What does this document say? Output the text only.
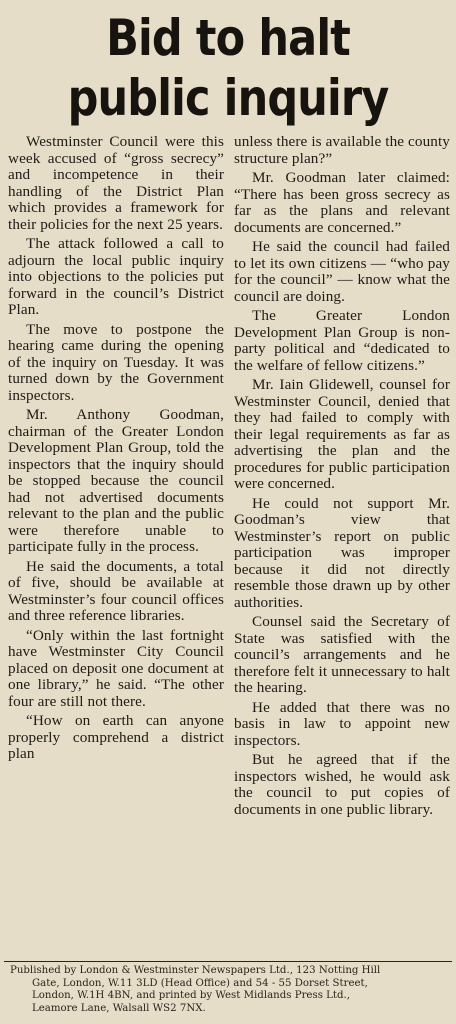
Bid to halt
public inquiry

Westminster Council were this week accused of “gross secrecy” and incompetence in their handling of the District Plan which provides a framework for their policies for the next 25 years.

The attack followed a call to adjourn the local public inquiry into objections to the policies put forward in the council’s District Plan.

The move to postpone the hearing came during the opening of the inquiry on Tuesday. It was turned down by the Government inspectors.

Mr. Anthony Goodman, chairman of the Greater London Development Plan Group, told the inspectors that the inquiry should be stopped because the council had not advertised documents relevant to the plan and the public were therefore unable to participate fully in the process.

He said the documents, a total of five, should be available at Westminster’s four council offices and three reference libraries.

“Only within the last fortnight have Westminster City Council placed on deposit one document at one library,” he said. “The other four are still not there.

“How on earth can anyone properly comprehend a district plan

unless there is available the county structure plan?”

Mr. Goodman later claimed: “There has been gross secrecy as far as the plans and relevant documents are concerned.”

He said the council had failed to let its own citizens — “who pay for the council” — know what the council are doing.

The Greater London Development Plan Group is non-party political and “dedicated to the welfare of fellow citizens.”

Mr. Iain Glidewell, counsel for Westminster Council, denied that they had failed to comply with their legal requirements as far as advertising the plan and the procedures for public participation were concerned.

He could not support Mr. Goodman’s view that Westminster’s report on public participation was improper because it did not directly resemble those drawn up by other authorities.

Counsel said the Secretary of State was satisfied with the council’s arrangements and he therefore felt it unnecessary to halt the hearing.

He added that there was no basis in law to appoint new inspectors.

But he agreed that if the inspectors wished, he would ask the council to put copies of documents in one public library.

Published by London & Westminster Newspapers Ltd., 123 Notting Hill
Gate, London, W.11 3LD (Head Office) and 54 - 55 Dorset Street,
London, W.1H 4BN, and printed by West Midlands Press Ltd.,
Leamore Lane, Walsall WS2 7NX.
